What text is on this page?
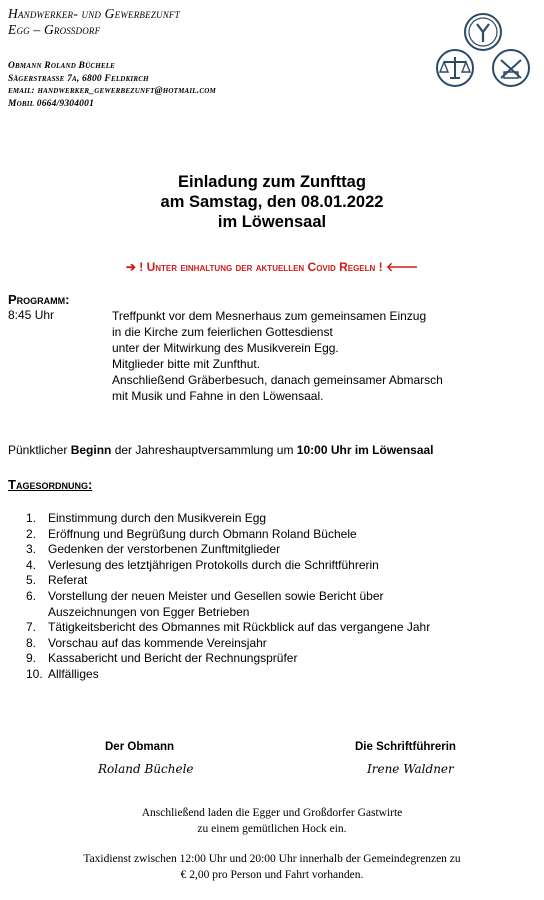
Handwerker- und Gewerbezunft
Egg – Großdorf
Obmann Roland Büchele
Sägerstraße 7a, 6800 Feldkirch
email: handwerker_gewerbezunft@hotmail.com
Mobil 0664/9304001
Einladung zum Zunfttag
am Samstag, den 08.01.2022
im Löwensaal
➔ ! Unter einhaltung der aktuellen Covid Regeln ! 🡐
Programm:
8:45 Uhr	Treffpunkt vor dem Mesnerhaus zum gemeinsamen Einzug
in die Kirche zum feierlichen Gottesdienst
unter der Mitwirkung des Musikverein Egg.
Mitglieder bitte mit Zunfthut.
Anschließend Gräberbesuch, danach gemeinsamer Abmarsch
mit Musik und Fahne in den Löwensaal.
Pünktlicher Beginn der Jahreshauptversammlung um 10:00 Uhr im Löwensaal
Tagesordnung:
1. Einstimmung durch den Musikverein Egg
2. Eröffnung und Begrüßung durch Obmann Roland Büchele
3. Gedenken der verstorbenen Zunftmitglieder
4. Verlesung des letztjährigen Protokolls durch die Schriftführerin
5. Referat
6. Vorstellung der neuen Meister und Gesellen sowie Bericht über
Auszeichnungen von Egger Betrieben
7. Tätigkeitsbericht des Obmannes mit Rückblick auf das vergangene Jahr
8. Vorschau auf das kommende Vereinsjahr
9. Kassabericht und Bericht der Rechnungsprüfer
10. Allfälliges
Der Obmann	Die Schriftführerin
Roland Büchele	Irene Waldner
Anschließend laden die Egger und Großdorfer Gastwirte
zu einem gemütlichen Hock ein.
Taxidienst zwischen 12:00 Uhr und 20:00 Uhr innerhalb der Gemeindegrenzen zu
€ 2,00 pro Person und Fahrt vorhanden.
